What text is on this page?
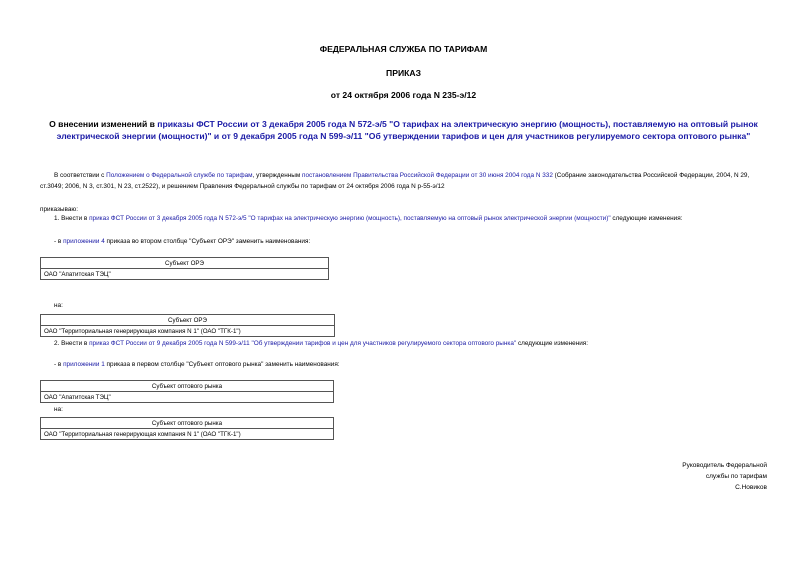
ФЕДЕРАЛЬНАЯ СЛУЖБА ПО ТАРИФАМ
ПРИКАЗ
от 24 октября 2006 года N 235-э/12
О внесении изменений в приказы ФСТ России от 3 декабря 2005 года N 572-э/5 "О тарифах на электрическую энергию (мощность), поставляемую на оптовый рынок электрической энергии (мощности)" и от 9 декабря 2005 года N 599-э/11 "Об утверждении тарифов и цен для участников регулируемого сектора оптового рынка"
В соответствии с Положением о Федеральной службе по тарифам, утвержденным постановлением Правительства Российской Федерации от 30 июня 2004 года N 332 (Собрание законодательства Российской Федерации, 2004, N 29, ст.3049; 2006, N 3, ст.301, N 23, ст.2522), и решением Правления Федеральной службы по тарифам от 24 октября 2006 года N р-55-э/12
приказываю:
1. Внести в приказ ФСТ России от 3 декабря 2005 года N 572-э/5 "О тарифах на электрическую энергию (мощность), поставляемую на оптовый рынок электрической энергии (мощности)" следующие изменения:
- в приложении 4 приказа во втором столбце "Субъект ОРЭ" заменить наименования:
Субъект ОРЭ
ОАО "Апатитская ТЭЦ"
на:
Субъект ОРЭ
ОАО "Территориальная генерирующая компания N 1" (ОАО "ТГК-1")
2. Внести в приказ ФСТ России от 9 декабря 2005 года N 599-э/11 "Об утверждении тарифов и цен для участников регулируемого сектора оптового рынка" следующие изменения:
- в приложении 1 приказа в первом столбце "Субъект оптового рынка" заменить наименования:
Субъект оптового рынка
ОАО "Апатитская ТЭЦ"
на:
Субъект оптового рынка
ОАО "Территориальная генерирующая компания N 1" (ОАО "ТГК-1")
Руководитель Федеральной
службы по тарифам
С.Новиков
